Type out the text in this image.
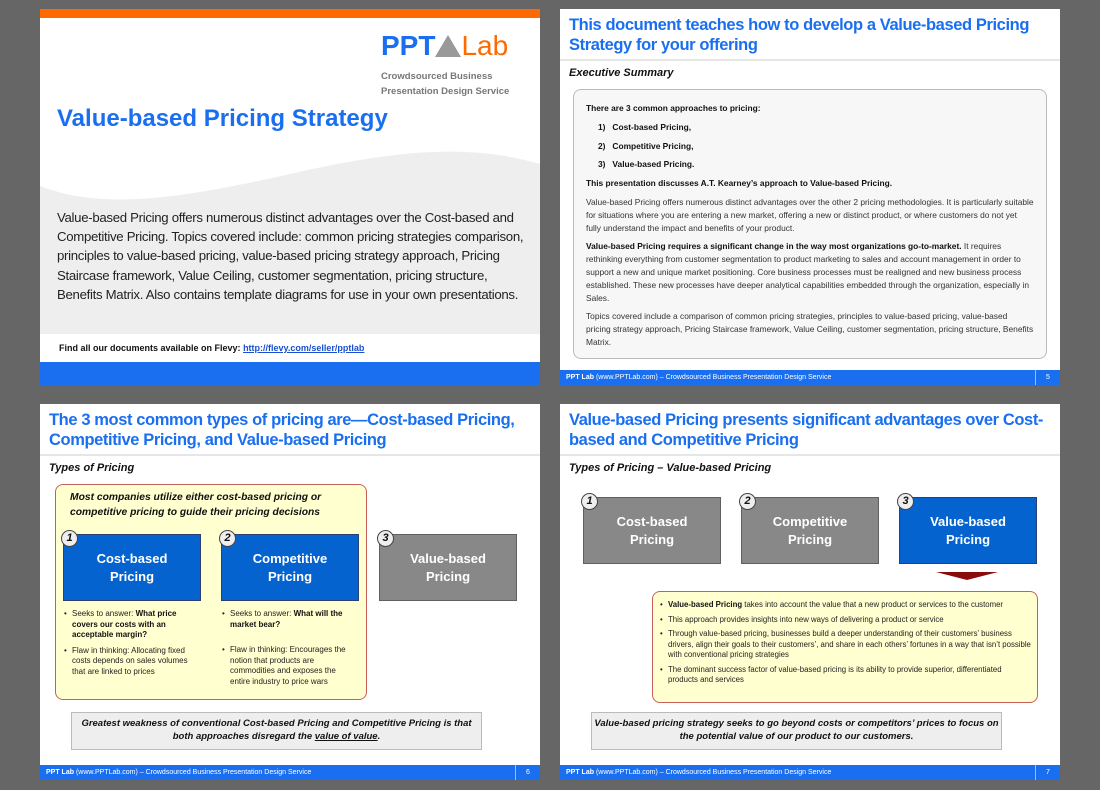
PPT Lab
Crowdsourced Business
Presentation Design Service
Value-based Pricing Strategy
Value-based Pricing offers numerous distinct advantages over the Cost-based and Competitive Pricing. Topics covered include: common pricing strategies comparison, principles to value-based pricing, value-based pricing strategy approach, Pricing Staircase framework, Value Ceiling, customer segmentation, pricing structure, Benefits Matrix. Also contains template diagrams for use in your own presentations.
Find all our documents available on Flevy: http://flevy.com/seller/pptlab
This document teaches how to develop a Value-based Pricing Strategy for your offering
Executive Summary
There are 3 common approaches to pricing:
1)   Cost-based Pricing,
2)   Competitive Pricing,
3)   Value-based Pricing.
This presentation discusses A.T. Kearney’s approach to Value-based Pricing.

Value-based Pricing offers numerous distinct advantages over the other 2 pricing methodologies. It is particularly suitable for situations where you are entering a new market, offering a new or distinct product, or where customers do not yet fully understand the impact and benefits of your product.

Value-based Pricing requires a significant change in the way most organizations go-to-market. It requires rethinking everything from customer segmentation to product marketing to sales and account management in order to support a new and unique market positioning. Core business processes must be realigned and new business process established. These new processes have deeper analytical capabilities embedded through the organization, especially in Sales.

Topics covered include a comparison of common pricing strategies, principles to value-based pricing, value-based pricing strategy approach, Pricing Staircase framework, Value Ceiling, customer segmentation, pricing structure, Benefits Matrix.

PPT Lab (www.PPTLab.com) – Crowdsourced Business Presentation Design Service	5
The 3 most common types of pricing are—Cost-based Pricing, Competitive Pricing, and Value-based Pricing
Types of Pricing
Most companies utilize either cost-based pricing or competitive pricing to guide their pricing decisions
Cost-based
Pricing
1
Competitive
Pricing
2
Value-based
Pricing
3
• Seeks to answer: What price covers our costs with an acceptable margin?
• Flaw in thinking: Allocating fixed costs depends on sales volumes that are linked to prices
• Seeks to answer: What will the market bear?
• Flaw in thinking: Encourages the notion that products are commodities and exposes the entire industry to price wars
Greatest weakness of conventional Cost-based Pricing and Competitive Pricing is that both approaches disregard the value of value.
PPT Lab (www.PPTLab.com) – Crowdsourced Business Presentation Design Service	6
Value-based Pricing presents significant advantages over Cost-based and Competitive Pricing
Types of Pricing – Value-based Pricing
Cost-based
Pricing
1
Competitive
Pricing
2
Value-based
Pricing
3
• Value-based Pricing takes into account the value that a new product or services to the customer
• This approach provides insights into new ways of delivering a product or service
• Through value-based pricing, businesses build a deeper understanding of their customers’ business drivers, align their goals to their customers’, and share in each others’ fortunes in a way that isn’t possible with conventional pricing strategies
• The dominant success factor of value-based pricing is its ability to provide superior, differentiated products and services
Value-based pricing strategy seeks to go beyond costs or competitors’ prices to focus on the potential value of our product to our customers.
PPT Lab (www.PPTLab.com) – Crowdsourced Business Presentation Design Service	7
